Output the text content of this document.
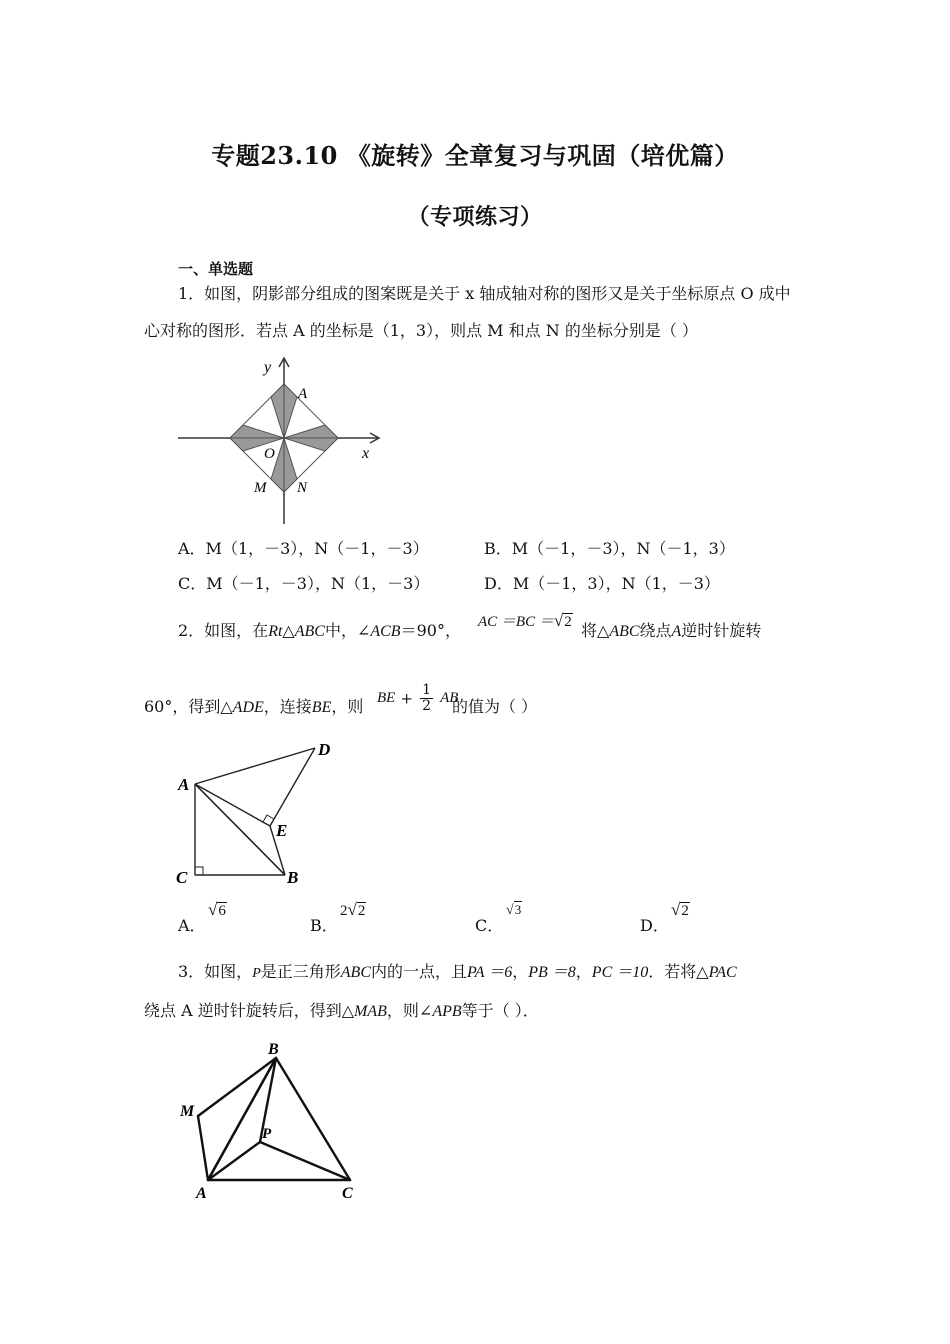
专题23.10 《旋转》全章复习与巩固（培优篇）
（专项练习）
一、单选题
1．如图，阴影部分组成的图案既是关于 x 轴成轴对称的图形又是关于坐标原点 O 成中
心对称的图形．若点 A 的坐标是（1，3），则点 M 和点 N 的坐标分别是（ ）
y
A
O	x
M N
A．M（1，－3），N（－1，－3）	B．M（－1，－3），N（－1，3）
C．M（－1，－3），N（1，－3）	D．M（－1，3），N（1，－3）
2．如图，在Rt△ABC中，∠ACB＝90°， AC ＝BC ＝√2 将△ABC绕点A逆时针旋转
60°，得到△ADE，连接BE，则 BE + $\frac{1}{2}$ AB
的值为（ ）
A
C	B
D
E
A．
√6
B．
2√2
C．
√3
D．
√2
3．如图，P是正三角形ABC内的一点，且PA ＝6，PB ＝8，PC ＝10．若将△PAC
绕点 A 逆时针旋转后，得到△MAB，则∠APB等于（ ）．
B
M
P
A	C
